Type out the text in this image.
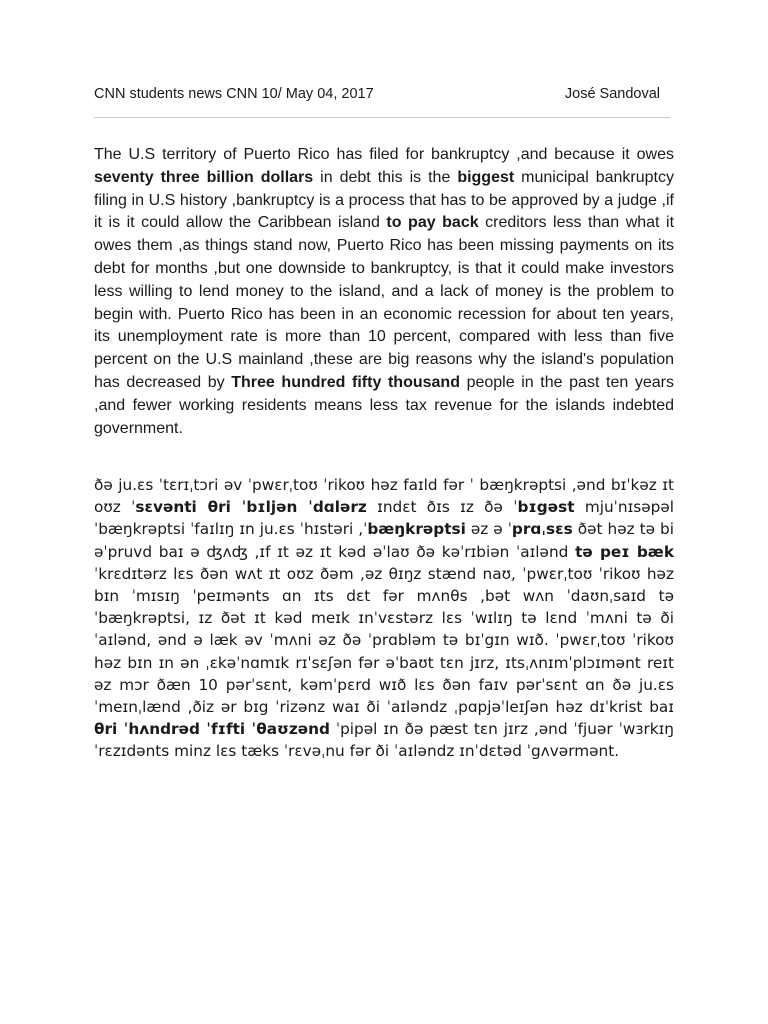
CNN students news CNN 10/ May 04, 2017	José Sandoval

The U.S territory of Puerto Rico has filed for bankruptcy ,and because it owes seventy three billion dollars in debt this is the biggest municipal bankruptcy filing in U.S history ,bankruptcy is a process that has to be approved by a judge ,if it is it could allow the Caribbean island to pay back creditors less than what it owes them ,as things stand now, Puerto Rico has been missing payments on its debt for months ,but one downside to bankruptcy, is that it could make investors less willing to lend money to the island, and a lack of money is the problem to begin with. Puerto Rico has been in an economic recession for about ten years, its unemployment rate is more than 10 percent, compared with less than five percent on the U.S mainland ,these are big reasons why the island's population has decreased by Three hundred fifty thousand people in the past ten years ,and fewer working residents means less tax revenue for the islands indebted government.

ðə ju.ɛs ˈtɛrɪˌtɔri əv ˈpwɛrˌtoʊ ˈrikoʊ həz faɪld fər ˈ bæŋkrəptsi ,ənd bɪˈkəz ɪt oʊz ˈsɛvənti θri ˈbɪljən ˈdɑlərz ɪndɛt ðɪs ɪz ðə ˈbɪgəst mjuˈnɪsəpəl ˈbæŋkrəptsi ˈfaɪlɪŋ ɪn ju.ɛs ˈhɪstəri ,ˈbæŋkrəptsi əz ə ˈprɑˌsɛs ðət həz tə bi əˈpruvd baɪ ə ʤʌʤ ,ɪf ɪt əz ɪt kəd əˈlaʊ ðə kəˈrɪbiən ˈaɪlənd tə peɪ bæk ˈkrɛdɪtərz lɛs ðən wʌt ɪt oʊz ðəm ,əz θɪŋz stænd naʊ, ˈpwɛrˌtoʊ ˈrikoʊ həz bɪn ˈmɪsɪŋ ˈpeɪmənts ɑn ɪts dɛt fər mʌnθs ,bət wʌn ˈdaʊnˌsaɪd tə ˈbæŋkrəptsi, ɪz ðət ɪt kəd meɪk ɪnˈvɛstərz lɛs ˈwɪlɪŋ tə lɛnd ˈmʌni tə ði ˈaɪlənd, ənd ə læk əv ˈmʌni əz ðə ˈprɑbləm tə bɪˈgɪn wɪð. ˈpwɛrˌtoʊ ˈrikoʊ həz bɪn ɪn ən ˌɛkəˈnɑmɪk rɪˈsɛʃən fər əˈbaʊt tɛn jɪrz, ɪtsˌʌnɪmˈplɔɪmənt reɪt əz mɔr ðæn 10 pərˈsɛnt, kəmˈpɛrd wɪð lɛs ðən faɪv pərˈsɛnt ɑn ðə ju.ɛs ˈmeɪnˌlænd ,ðiz ər bɪg ˈrizənz waɪ ði ˈaɪləndz ˌpɑpjəˈleɪʃən həz dɪˈkrist baɪ θri ˈhʌndrəd ˈfɪfti ˈθaʊzənd ˈpipəl ɪn ðə pæst tɛn jɪrz ,ənd ˈfjuər ˈwɜrkɪŋ ˈrɛzɪdənts minz lɛs tæks ˈrɛvəˌnu fər ði ˈaɪləndz ɪnˈdɛtəd ˈgʌvərmənt.
